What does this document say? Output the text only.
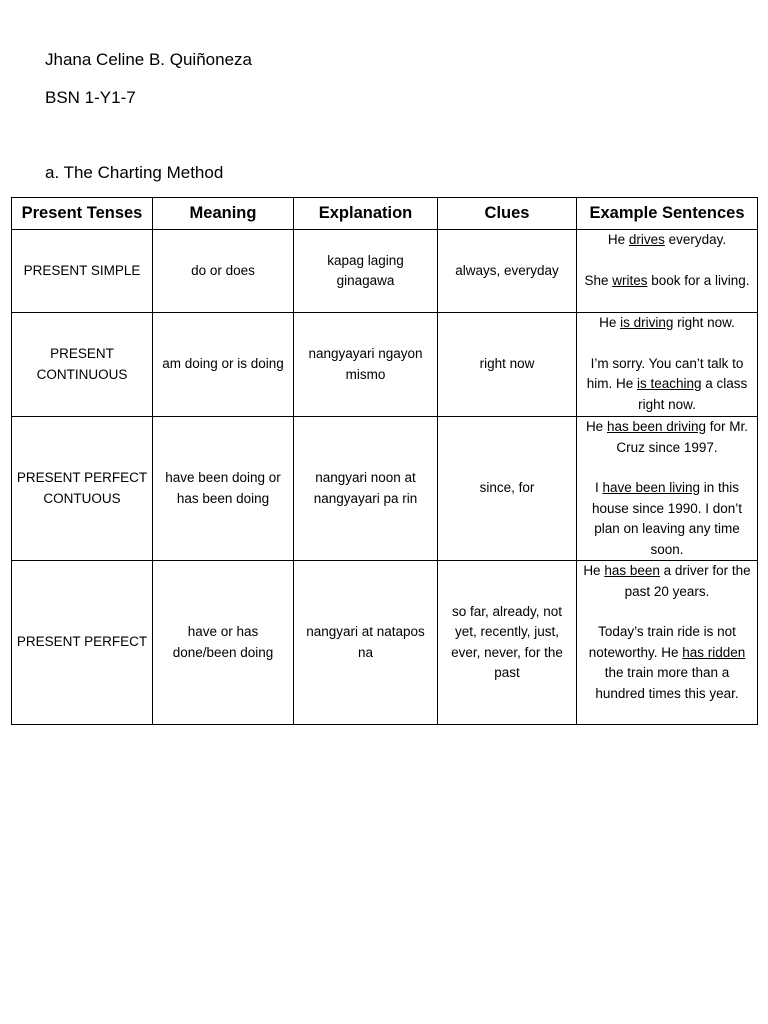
Jhana Celine B. Quiñoneza
BSN 1-Y1-7
a. The Charting Method
Present Tenses	Meaning	Explanation	Clues	Example Sentences
PRESENT SIMPLE	do or does	kapag laging ginagawa	always, everyday	He drives everyday.
She writes book for a living.

PRESENT CONTINUOUS	am doing or is doing	nangyayari ngayon mismo	right now	He is driving right now.
I’m sorry. You can’t talk to him. He is teaching a class right now.

PRESENT PERFECT CONTUOUS	have been doing or has been doing	nangyari noon at nangyayari pa rin	since, for	He has been driving for Mr. Cruz since 1997.
I have been living in this house since 1990. I don’t plan on leaving any time soon.

PRESENT PERFECT	have or has done/been doing	nangyari at natapos na	so far, already, not yet, recently, just, ever, never, for the past	He has been a driver for the past 20 years.
Today’s train ride is not noteworthy. He has ridden the train more than a hundred times this year.
